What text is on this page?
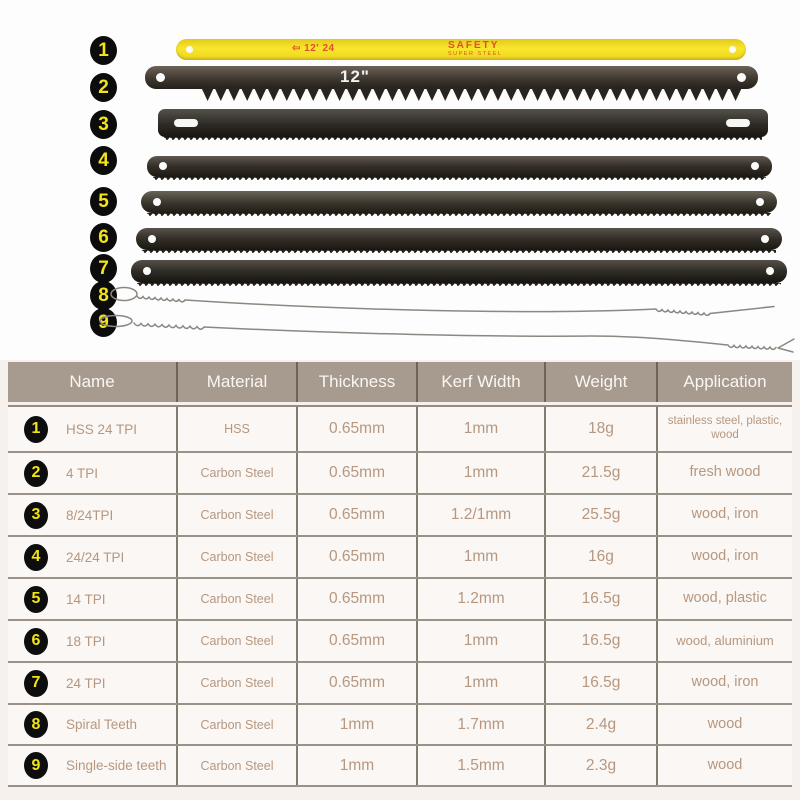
1
2
3
4
5
6
7
8
9
⇦ 12' 24	SAFETY
SUPER STEEL
12"
Name	Material	Thickness	Kerf Width	Weight	Application
1	HSS 24 TPI	HSS	0.65mm	1mm	18g	stainless steel, plastic, wood
2	4 TPI	Carbon Steel	0.65mm	1mm	21.5g	fresh wood
3	8/24TPI	Carbon Steel	0.65mm	1.2/1mm	25.5g	wood, iron
4	24/24 TPI	Carbon Steel	0.65mm	1mm	16g	wood, iron
5	14 TPI	Carbon Steel	0.65mm	1.2mm	16.5g	wood, plastic
6	18 TPI	Carbon Steel	0.65mm	1mm	16.5g	wood, aluminium
7	24 TPI	Carbon Steel	0.65mm	1mm	16.5g	wood, iron
8	Spiral Teeth	Carbon Steel	1mm	1.7mm	2.4g	wood
9	Single-side teeth	Carbon Steel	1mm	1.5mm	2.3g	wood
